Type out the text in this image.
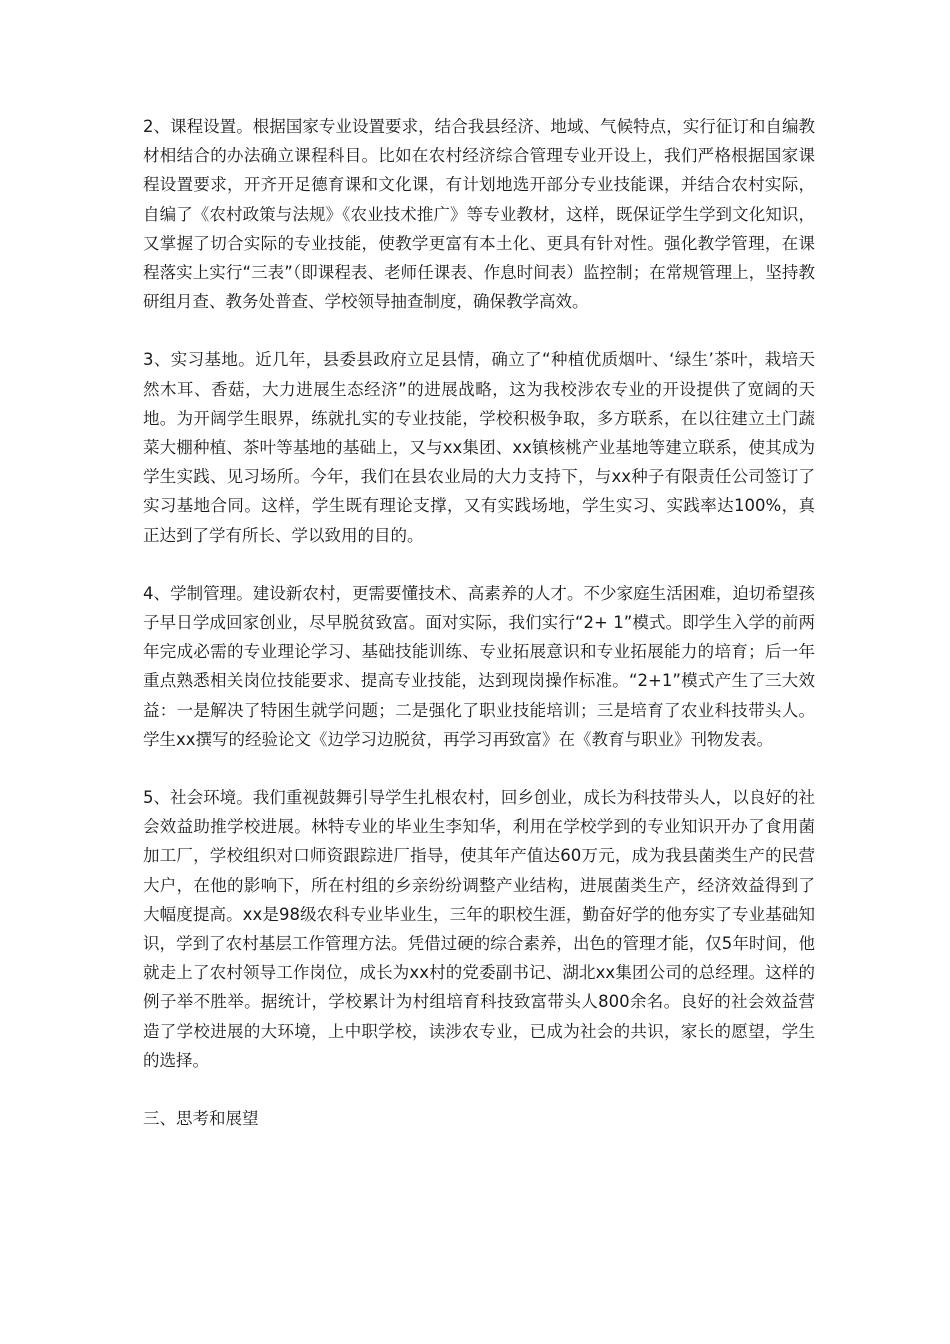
2、课程设置。根据国家专业设置要求，结合我县经济、地域、气候特点，实行征订和自编教材相结合的办法确立课程科目。比如在农村经济综合管理专业开设上，我们严格根据国家课程设置要求，开齐开足德育课和文化课，有计划地选开部分专业技能课，并结合农村实际，自编了《农村政策与法规》《农业技术推广》等专业教材，这样，既保证学生学到文化知识，又掌握了切合实际的专业技能，使教学更富有本土化、更具有针对性。强化教学管理，在课程落实上实行“三表”（即课程表、老师任课表、作息时间表）监控制；在常规管理上，坚持教研组月查、教务处普查、学校领导抽查制度，确保教学高效。

3、实习基地。近几年，县委县政府立足县情，确立了“种植优质烟叶、‘绿生’茶叶，栽培天然木耳、香菇，大力进展生态经济”的进展战略，这为我校涉农专业的开设提供了宽阔的天地。为开阔学生眼界，练就扎实的专业技能，学校积极争取，多方联系，在以往建立土门蔬菜大棚种植、茶叶等基地的基础上，又与xx集团、xx镇核桃产业基地等建立联系，使其成为学生实践、见习场所。今年，我们在县农业局的大力支持下，与xx种子有限责任公司签订了实习基地合同。这样，学生既有理论支撑，又有实践场地，学生实习、实践率达100%，真正达到了学有所长、学以致用的目的。

4、学制管理。建设新农村，更需要懂技术、高素养的人才。不少家庭生活困难，迫切希望孩子早日学成回家创业，尽早脱贫致富。面对实际，我们实行“2+ 1”模式。即学生入学的前两年完成必需的专业理论学习、基础技能训练、专业拓展意识和专业拓展能力的培育；后一年重点熟悉相关岗位技能要求、提高专业技能，达到现岗操作标准。“2+1”模式产生了三大效益：一是解决了特困生就学问题；二是强化了职业技能培训；三是培育了农业科技带头人。学生xx撰写的经验论文《边学习边脱贫，再学习再致富》在《教育与职业》刊物发表。

5、社会环境。我们重视鼓舞引导学生扎根农村，回乡创业，成长为科技带头人，以良好的社会效益助推学校进展。林特专业的毕业生李知华，利用在学校学到的专业知识开办了食用菌加工厂，学校组织对口师资跟踪进厂指导，使其年产值达60万元，成为我县菌类生产的民营大户，在他的影响下，所在村组的乡亲纷纷调整产业结构，进展菌类生产，经济效益得到了大幅度提高。xx是98级农科专业毕业生，三年的职校生涯，勤奋好学的他夯实了专业基础知识，学到了农村基层工作管理方法。凭借过硬的综合素养，出色的管理才能，仅5年时间，他就走上了农村领导工作岗位，成长为xx村的党委副书记、湖北xx集团公司的总经理。这样的例子举不胜举。据统计，学校累计为村组培育科技致富带头人800余名。良好的社会效益营造了学校进展的大环境，上中职学校，读涉农专业，已成为社会的共识，家长的愿望，学生的选择。

三、思考和展望
